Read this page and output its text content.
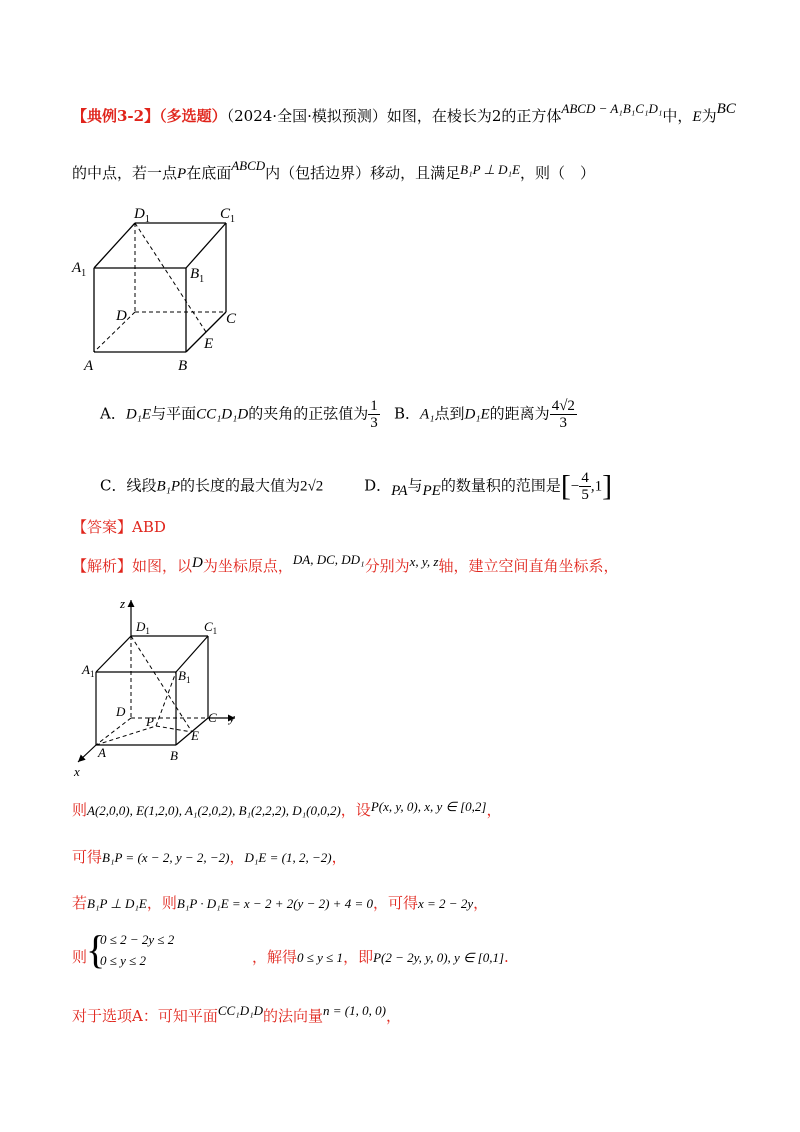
【典例3-2】（多选题）（2024·全国·模拟预测）如图，在棱长为2的正方体ABCD − A₁B₁C₁D₁中，E为BC
的中点，若一点P在底面ABCD内（包括边界）移动，且满足B₁P ⊥ D₁E，则（　）
$D_1$	$C_1$
$A_1$	$B_1$
D	C
E
A	B
A．D₁E与平面CC₁D₁D的夹角的正弦值为 $\frac{1}{3}$ B．A₁点到D₁E的距离为 $\frac{4√2}{3}$
C．线段B₁P的长度的最大值为2√2	D．PA与PE的数量积的范围是[− $\frac{4}{5} ,1$]
【答案】ABD
【解析】如图，以D为坐标原点，DA, DC, DD₁分别为x, y, z轴，建立空间直角坐标系，
z
y
x
$D_1$	$C_1$
$A_1$	$B_1$
D	C
P
E
A	B
则A(2,0,0), E(1,2,0), A₁(2,0,2), B₁(2,2,2), D₁(0,0,2)，设P(x, y, 0), x, y ∈ [0,2]，
可得B₁P = (x − 2, y − 2, −2)，D₁E = (1, 2, −2)，
若B₁P ⊥ D₁E，则B₁P · D₁E = x − 2 + 2(y − 2) + 4 = 0，可得x = 2 − 2y，
则
{
0 ≤ 2 − 2y ≤ 2
0 ≤ y ≤ 2	，解得0 ≤ y ≤ 1，即P(2 − 2y, y, 0), y ∈ [0,1].
对于选项A：可知平面CC₁D₁D的法向量n = (1, 0, 0)，
